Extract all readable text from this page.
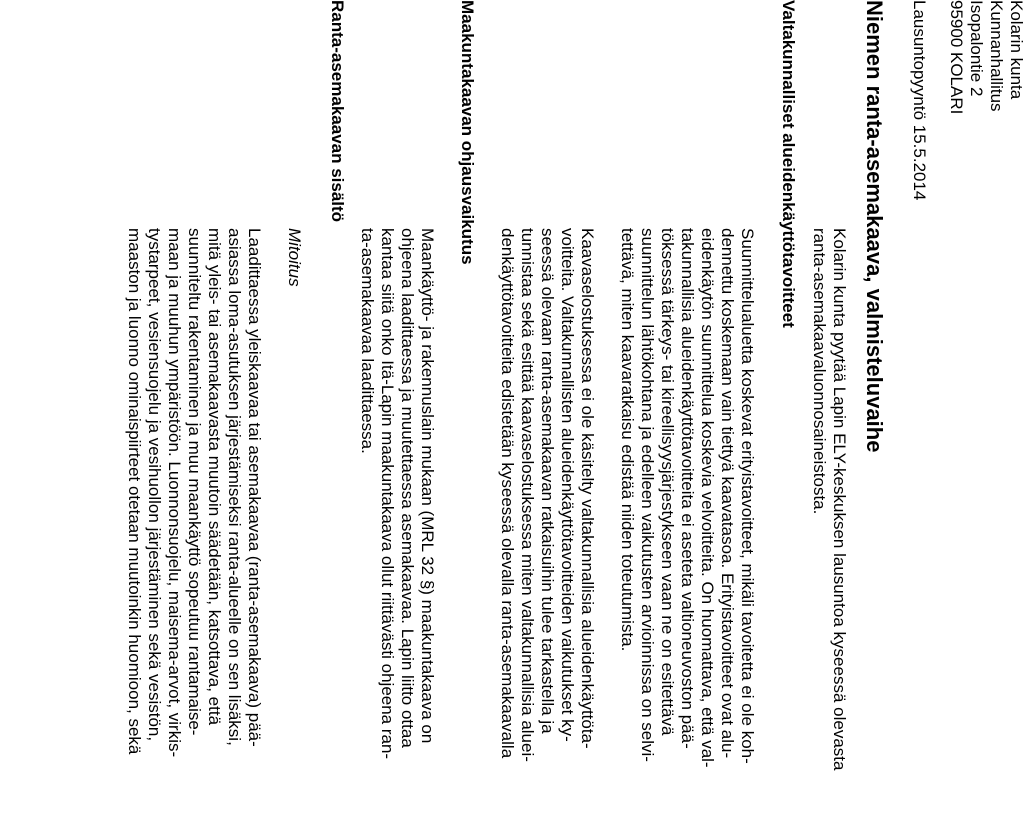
Kolarin kunta
Kunnanhallitus
Isopalontie 2
95900 KOLARI
Lausuntopyyntö 15.5.2014
Niemen ranta-asemakaava, valmisteluvaihe
Kolarin kunta pyytää Lapin ELY-keskuksen lausuntoa kyseessä olevasta
ranta-asemakaavaluonnosaineistosta.
Valtakunnalliset alueidenkäyttötavoitteet
Suunnittelualuetta koskevat erityistavoitteet, mikäli tavoitetta ei ole koh-
dennettu koskemaan vain tiettyä kaavatasoa. Erityistavoitteet ovat alu-
eidenkäytön suunnittelua koskevia velvoitteita. On huomattava, että val-
takunnallisia alueidenkäyttötavoitteita ei aseteta valtioneuvoston pää-
töksessä tärkeys- tai kireellisyysjärjestykseen vaan ne on esitettävä
suunnittelun lähtökohtana ja edelleen vaikutusten arvioinnissa on selvi-
tettävä, miten kaavaratkaisu edistää niiden toteutumista.
Kaavaselostuksessa ei ole käsitelty valtakunnallisia alueidenkäyttöta-
voitteita. Valtakunnallisten alueidenkäyttötavoitteiden vaikutukset ky-
seessä olevaan ranta-asemakaavan ratkaisuihin tulee tarkastella ja
tunnistaa sekä esittää kaavaselostuksessa miten valtakunnallisia aluei-
denkäyttötavoitteita edistetään kyseessä olevalla ranta-asemakaavalla
Maakuntakaavan ohjausvaikutus
Maankäyttö- ja rakennuslain mukaan (MRL 32 §) maakuntakaava on
ohjeena laadittaessa ja muutettaessa asemakaavaa. Lapin liitto ottaa
kantaa siitä onko Itä-Lapin maakuntakaava ollut riittävästi ohjeena ran-
ta-asemakaavaa laadittaessa.
Ranta-asemakaavan sisältö
Mitoitus
Laadittaessa yleiskaavaa tai asemakaavaa (ranta-asemakaava) pää-
asiassa loma-asutuksen järjestämiseksi ranta-alueelle on sen lisäksi,
mitä yleis- tai asemakaavasta muutoin säädetään, katsottava, että
suunniteltu rakentaminen ja muu maankäyttö sopeutuu rantamaise-
maan ja muuhun ympäristöön. Luonnonsuojelu, maisema-arvot, virkis-
tystarpeet, vesiensuojelu ja vesihuollon järjestäminen sekä vesistön,
maaston ja luonno ominaispiirteet otetaan muutoinkin huomioon, sekä
